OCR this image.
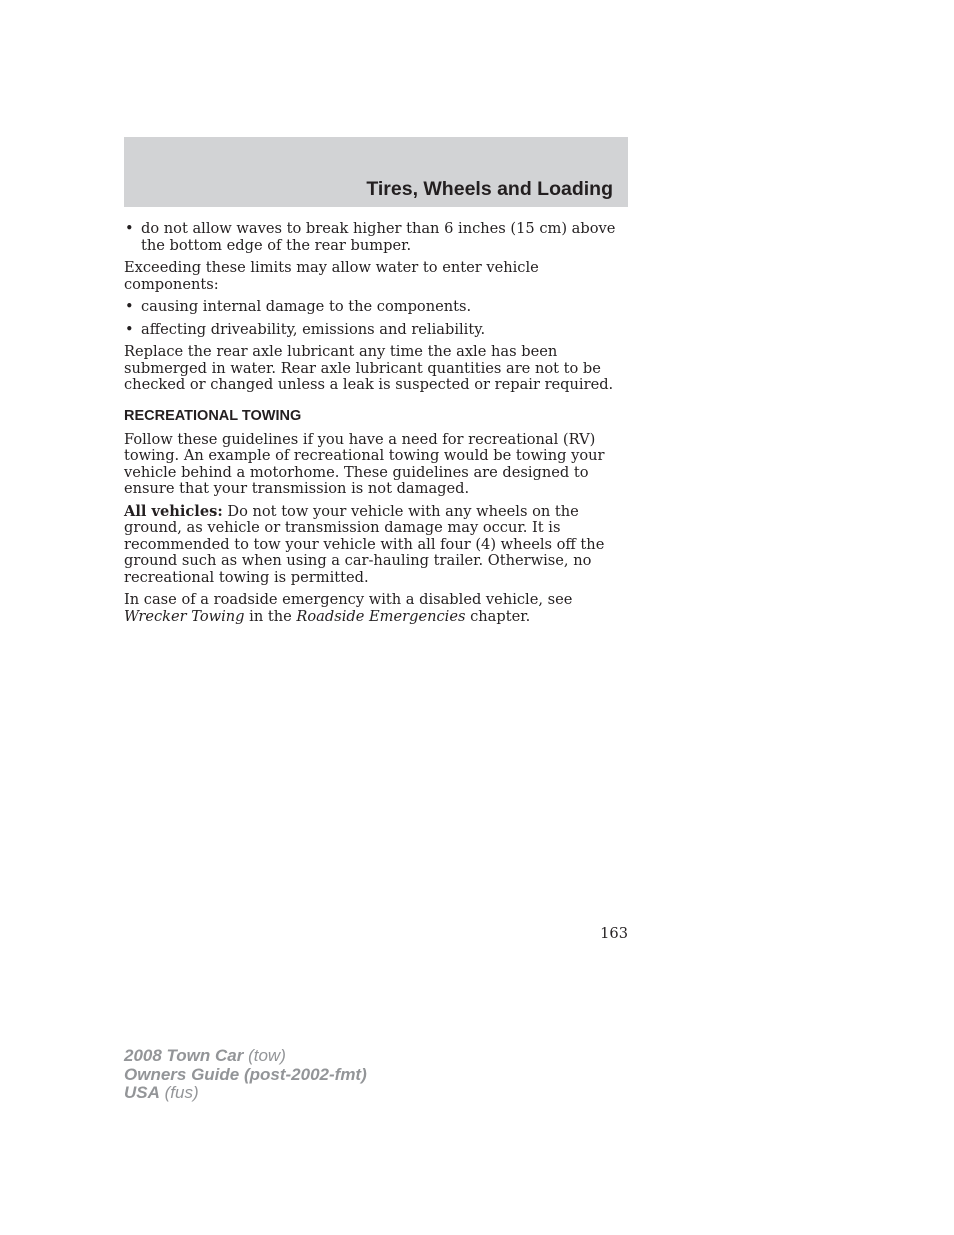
Tires, Wheels and Loading
• do not allow waves to break higher than 6 inches (15 cm) above the bottom edge of the rear bumper.

Exceeding these limits may allow water to enter vehicle components:

• causing internal damage to the components.
• affecting driveability, emissions and reliability.

Replace the rear axle lubricant any time the axle has been submerged in water. Rear axle lubricant quantities are not to be checked or changed unless a leak is suspected or repair required.

RECREATIONAL TOWING

Follow these guidelines if you have a need for recreational (RV) towing. An example of recreational towing would be towing your vehicle behind a motorhome. These guidelines are designed to ensure that your transmission is not damaged.

All vehicles: Do not tow your vehicle with any wheels on the ground, as vehicle or transmission damage may occur. It is recommended to tow your vehicle with all four (4) wheels off the ground such as when using a car-hauling trailer. Otherwise, no recreational towing is permitted.

In case of a roadside emergency with a disabled vehicle, see Wrecker Towing in the Roadside Emergencies chapter.

163
2008 Town Car (tow)
Owners Guide (post-2002-fmt)
USA (fus)
